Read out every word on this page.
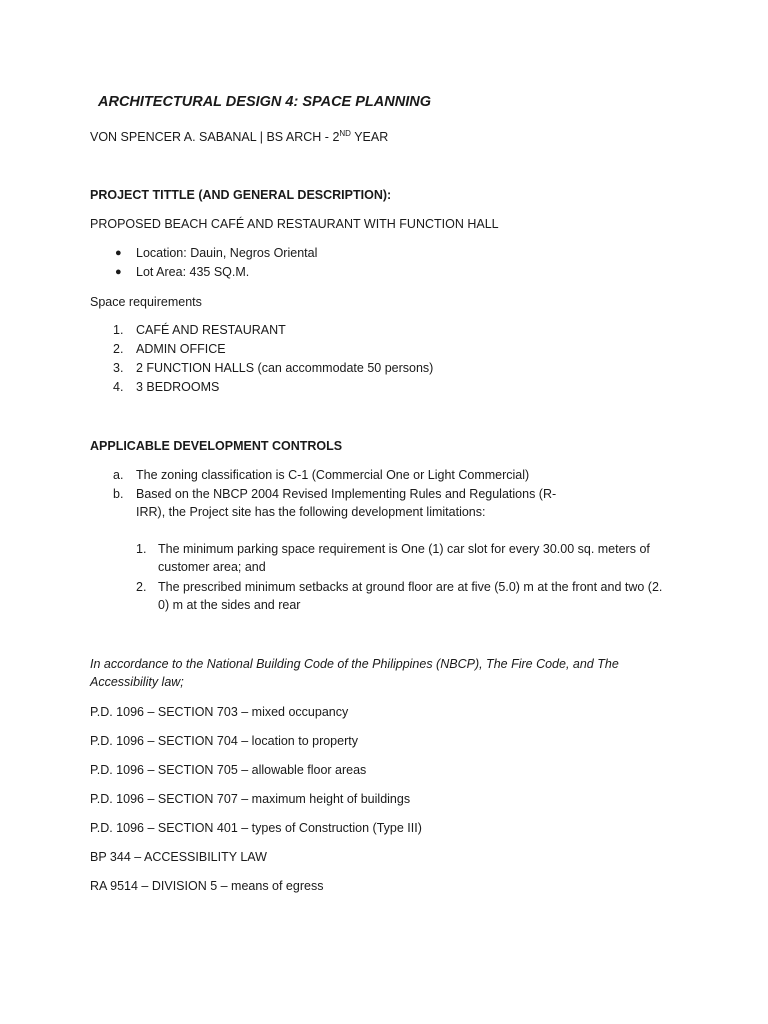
ARCHITECTURAL DESIGN 4: SPACE PLANNING
VON SPENCER A. SABANAL | BS ARCH - 2ND YEAR
PROJECT TITTLE (AND GENERAL DESCRIPTION):
PROPOSED BEACH CAFÉ AND RESTAURANT WITH FUNCTION HALL
● Location: Dauin, Negros Oriental
● Lot Area: 435 SQ.M.
Space requirements
1. CAFÉ AND RESTAURANT
2. ADMIN OFFICE
3. 2 FUNCTION HALLS (can accommodate 50 persons)
4. 3 BEDROOMS
APPLICABLE DEVELOPMENT CONTROLS
a. The zoning classification is C-1 (Commercial One or Light Commercial)
b. Based on the NBCP 2004 Revised Implementing Rules and Regulations (R-
IRR), the Project site has the following development limitations:
1. The minimum parking space requirement is One (1) car slot for every 30.00 sq. meters of
customer area; and
2. The prescribed minimum setbacks at ground floor are at five (5.0) m at the front and two (2.
0) m at the sides and rear
In accordance to the National Building Code of the Philippines (NBCP), The Fire Code, and The
Accessibility law;
P.D. 1096 – SECTION 703 – mixed occupancy
P.D. 1096 – SECTION 704 – location to property
P.D. 1096 – SECTION 705 – allowable floor areas
P.D. 1096 – SECTION 707 – maximum height of buildings
P.D. 1096 – SECTION 401 – types of Construction (Type III)
BP 344 – ACCESSIBILITY LAW
RA 9514 – DIVISION 5 – means of egress
